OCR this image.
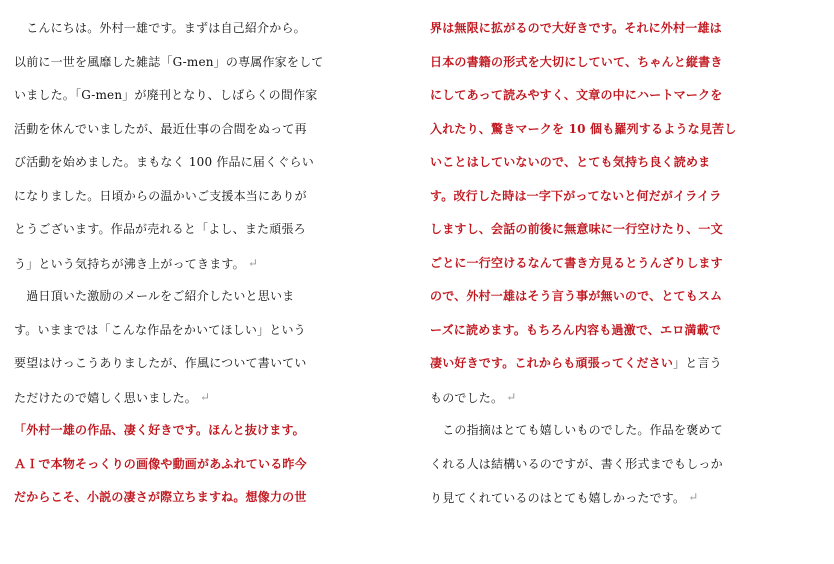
　こんにちは。外村一雄です。まずは自己紹介から。
以前に一世を風靡した雑誌「G-men」の専属作家をして
いました。「G-men」が廃刊となり、しばらくの間作家
活動を休んでいましたが、最近仕事の合間をぬって再
び活動を始めました。まもなく 100 作品に届くぐらい
になりました。日頃からの温かいご支援本当にありが
とうございます。作品が売れると「よし、また頑張ろ
う」という気持ちが沸き上がってきます。 ↵
　過日頂いた激励のメールをご紹介したいと思いま
す。いままでは「こんな作品をかいてほしい」という
要望はけっこうありましたが、作風について書いてい
ただけたので嬉しく思いました。 ↵
「外村一雄の作品、凄く好きです。ほんと抜けます。
ＡＩで本物そっくりの画像や動画があふれている昨今
だからこそ、小説の凄さが際立ちますね。想像力の世
界は無限に拡がるので大好きです。それに外村一雄は
日本の書籍の形式を大切にしていて、ちゃんと縦書き
にしてあって読みやすく、文章の中にハートマークを
入れたり、驚きマークを 10 個も羅列するような見苦し
いことはしていないので、とても気持ち良く読めま
す。改行した時は一字下がってないと何だがイライラ
しますし、会話の前後に無意味に一行空けたり、一文
ごとに一行空けるなんて書き方見るとうんざりします
ので、外村一雄はそう言う事が無いので、とてもスム
ーズに読めます。もちろん内容も過激で、エロ満載で
凄い好きです。これからも頑張ってください」と言う
ものでした。 ↵
　この指摘はとても嬉しいものでした。作品を褒めて
くれる人は結構いるのですが、書く形式までもしっか
り見てくれているのはとても嬉しかったです。 ↵
